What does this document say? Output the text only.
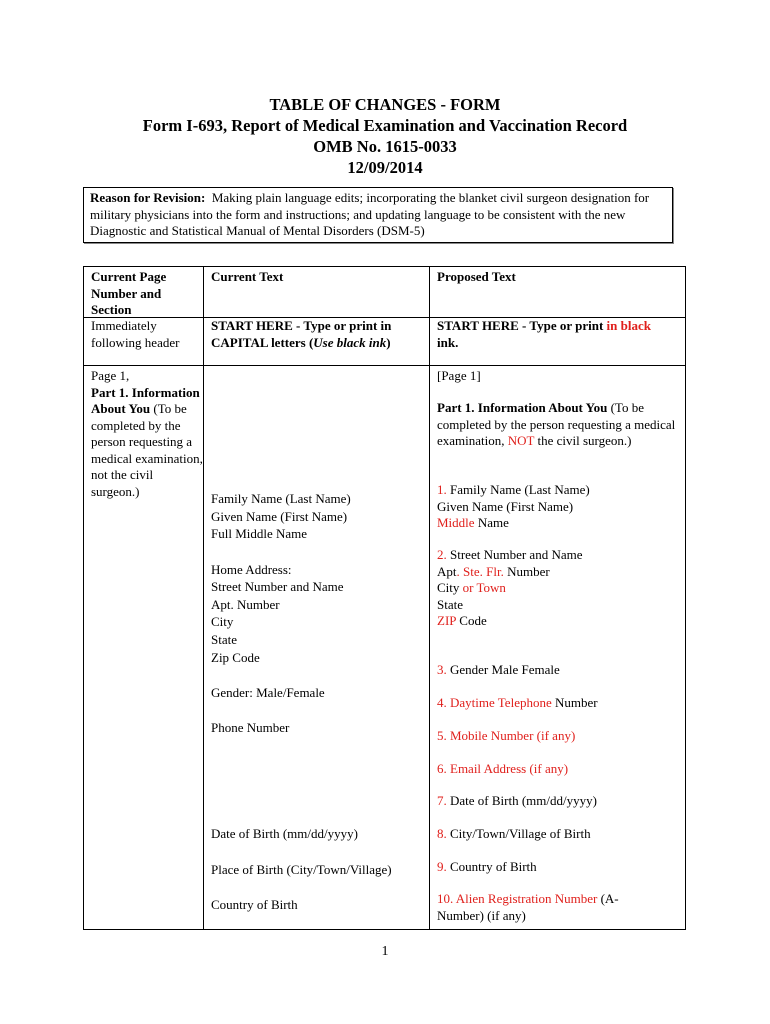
TABLE OF CHANGES - FORM
Form I-693, Report of Medical Examination and Vaccination Record
OMB No. 1615-0033
12/09/2014
Reason for Revision: Making plain language edits; incorporating the blanket civil surgeon designation for military physicians into the form and instructions; and updating language to be consistent with the new Diagnostic and Statistical Manual of Mental Disorders (DSM-5)
Current Page Number and Section
Current Text	Proposed Text
Immediately following header
START HERE - Type or print in CAPITAL letters (Use black ink)
START HERE - Type or print in black
ink.
Page 1,
Part 1. Information About You (To be completed by the person requesting a medical examination, not the civil surgeon.)	Family Name (Last Name)
Given Name (First Name)
Full Middle Name
Home Address:
Street Number and Name
Apt. Number
City
State
Zip Code
Gender: Male/Female
Phone Number
Date of Birth (mm/dd/yyyy)
Place of Birth (City/Town/Village)
Country of Birth
[Page 1]
Part 1. Information About You (To be completed by the person requesting a medical examination, NOT the civil surgeon.)
1. Family Name (Last Name)
Given Name (First Name)
Middle Name
2. Street Number and Name
Apt. Ste. Flr. Number
City or Town
State
ZIP Code
3. Gender Male Female
4. Daytime Telephone Number
5. Mobile Number (if any)
6. Email Address (if any)
7. Date of Birth (mm/dd/yyyy)
8. City/Town/Village of Birth
9. Country of Birth
10. Alien Registration Number (A-Number) (if any)
1
